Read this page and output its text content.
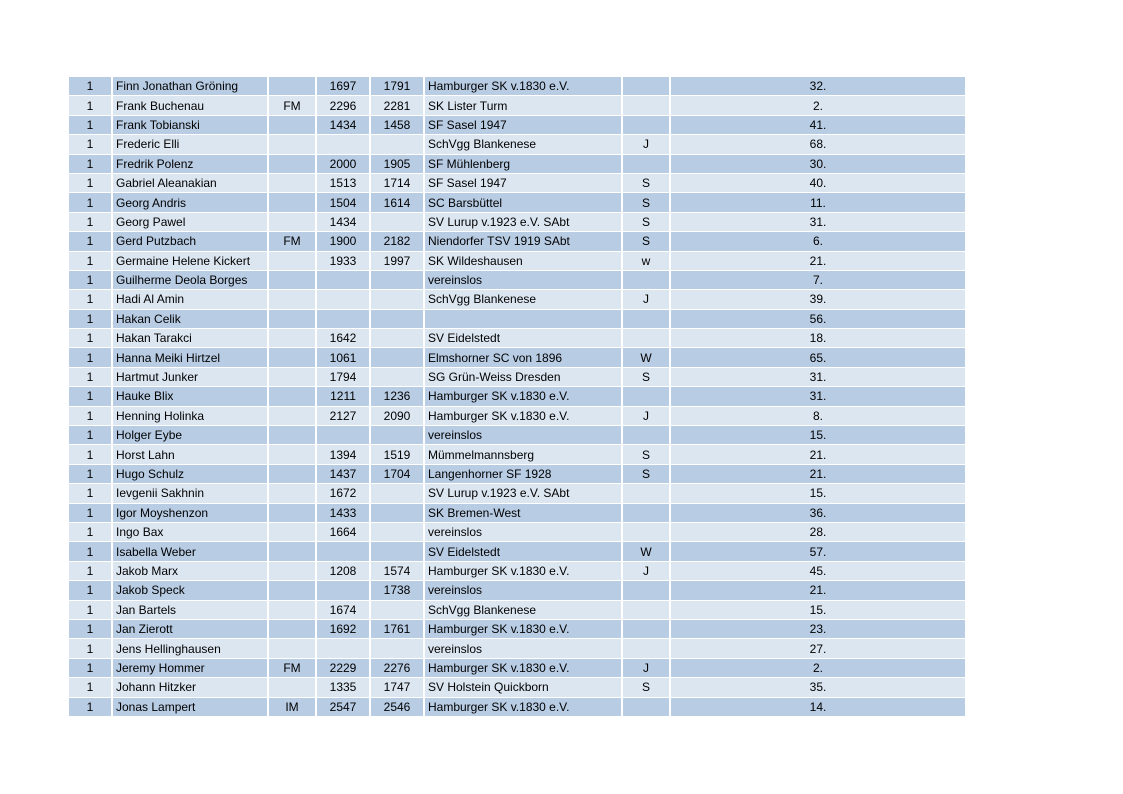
1	Finn Jonathan Gröning		1697	1791	Hamburger SK v.1830 e.V.		32.
1	Frank Buchenau	FM	2296	2281	SK Lister Turm		2.
1	Frank Tobianski		1434	1458	SF Sasel 1947		41.
1	Frederic Elli				SchVgg Blankenese	J	68.
1	Fredrik Polenz		2000	1905	SF Mühlenberg		30.
1	Gabriel Aleanakian		1513	1714	SF Sasel 1947	S	40.
1	Georg Andris		1504	1614	SC Barsbüttel	S	11.
1	Georg Pawel		1434		SV Lurup v.1923 e.V. SAbt	S	31.
1	Gerd Putzbach	FM	1900	2182	Niendorfer TSV 1919 SAbt	S	6.
1	Germaine Helene Kickert		1933	1997	SK Wildeshausen	w	21.
1	Guilherme Deola Borges				vereinslos		7.
1	Hadi Al Amin				SchVgg Blankenese	J	39.
1	Hakan Celik						56.
1	Hakan Tarakci		1642		SV Eidelstedt		18.
1	Hanna Meiki Hirtzel		1061		Elmshorner SC von 1896	W	65.
1	Hartmut Junker		1794		SG Grün-Weiss Dresden	S	31.
1	Hauke Blix		1211	1236	Hamburger SK v.1830 e.V.		31.
1	Henning Holinka		2127	2090	Hamburger SK v.1830 e.V.	J	8.
1	Holger Eybe				vereinslos		15.
1	Horst Lahn		1394	1519	Mümmelmannsberg	S	21.
1	Hugo Schulz		1437	1704	Langenhorner SF 1928	S	21.
1	Ievgenii Sakhnin		1672		SV Lurup v.1923 e.V. SAbt		15.
1	Igor Moyshenzon		1433		SK Bremen-West		36.
1	Ingo Bax		1664		vereinslos		28.
1	Isabella Weber				SV Eidelstedt	W	57.
1	Jakob Marx		1208	1574	Hamburger SK v.1830 e.V.	J	45.
1	Jakob Speck			1738	vereinslos		21.
1	Jan Bartels		1674		SchVgg Blankenese		15.
1	Jan Zierott		1692	1761	Hamburger SK v.1830 e.V.		23.
1	Jens Hellinghausen				vereinslos		27.
1	Jeremy Hommer	FM	2229	2276	Hamburger SK v.1830 e.V.	J	2.
1	Johann Hitzker		1335	1747	SV Holstein Quickborn	S	35.
1	Jonas Lampert	IM	2547	2546	Hamburger SK v.1830 e.V.		14.
